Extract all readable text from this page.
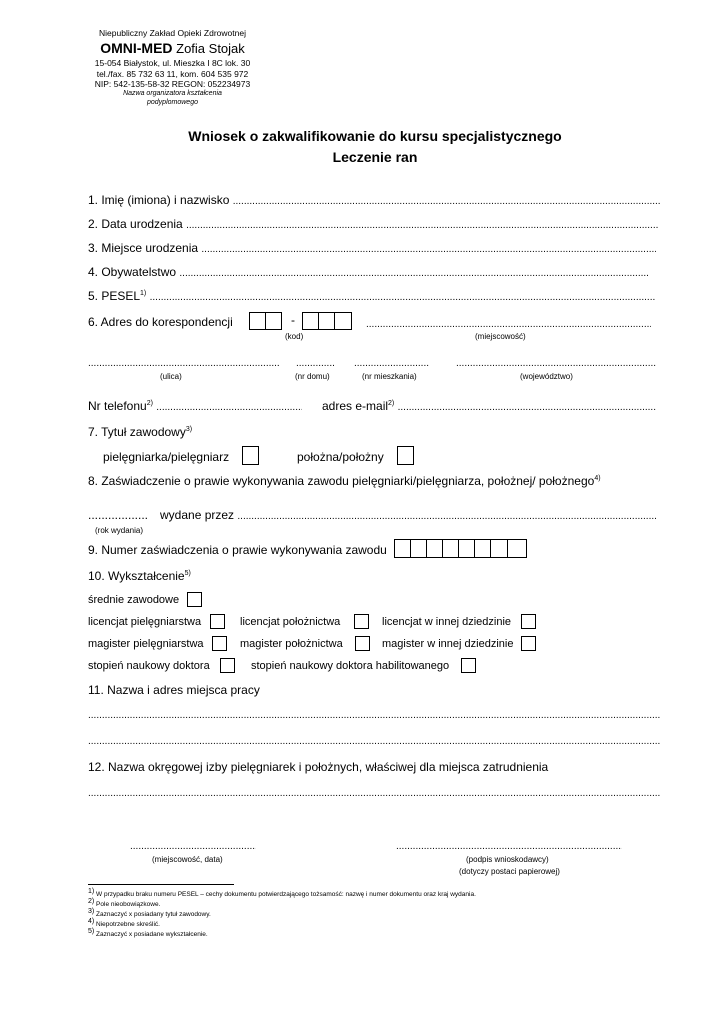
Niepubliczny Zakład Opieki Zdrowotnej
OMNI-MED Zofia Stojak
15-054 Białystok, ul. Mieszka I 8C lok. 30
tel./fax. 85 732 63 11, kom. 604 535 972
NIP: 542-135-58-32 REGON: 052234973
Nazwa organizatora kształcenia
podyplomowego
Wniosek o zakwalifikowanie do kursu specjalistycznego
Leczenie ran
1. Imię (imiona) i nazwisko .....
2. Data urodzenia .....
3. Miejsce urodzenia .....
4. Obywatelstwo .....
5. PESEL$^{1)}$ .....
6. Adres do korespondencji	-
.....
(kod)	(miejscowość)
.....
.....
.....
.....
(ulica)	(nr domu)	(nr mieszkania)	(województwo)
Nr telefonu$^{2)}$ .....	adres e-mail$^{2)}$ .....
7. Tytuł zawodowy$^{3)}$
pielęgniarka/pielęgniarz	położna/położny
8. Zaświadczenie o prawie wykonywania zawodu pielęgniarki/pielęgniarza, położnej/ położnego$^{4)}$
.................. wydane przez .....
(rok wydania)
9. Numer zaświadczenia o prawie wykonywania zawodu
10. Wykształcenie$^{5)}$
średnie zawodowe
licencjat pielęgniarstwa	licencjat położnictwa	licencjat w innej dziedzinie
magister pielęgniarstwa	magister położnictwa	magister w innej dziedzinie
stopień naukowy doktora	stopień naukowy doktora habilitowanego
11. Nazwa i adres miejsca pracy
.....
.....
12. Nazwa okręgowej izby pielęgniarek i położnych, właściwej dla miejsca zatrudnienia
.....
.....
(miejscowość, data)
.....	(podpis wnioskodawcy)
(dotyczy postaci papierowej)
$^{1)}$ W przypadku braku numeru PESEL – cechy dokumentu potwierdzającego tożsamość: nazwę i numer dokumentu oraz kraj wydania.
$^{2)}$ Pole nieobowiązkowe.
$^{3)}$ Zaznaczyć x posiadany tytuł zawodowy.
$^{4)}$ Niepotrzebne skreślić.
$^{5)}$ Zaznaczyć x posiadane wykształcenie.
